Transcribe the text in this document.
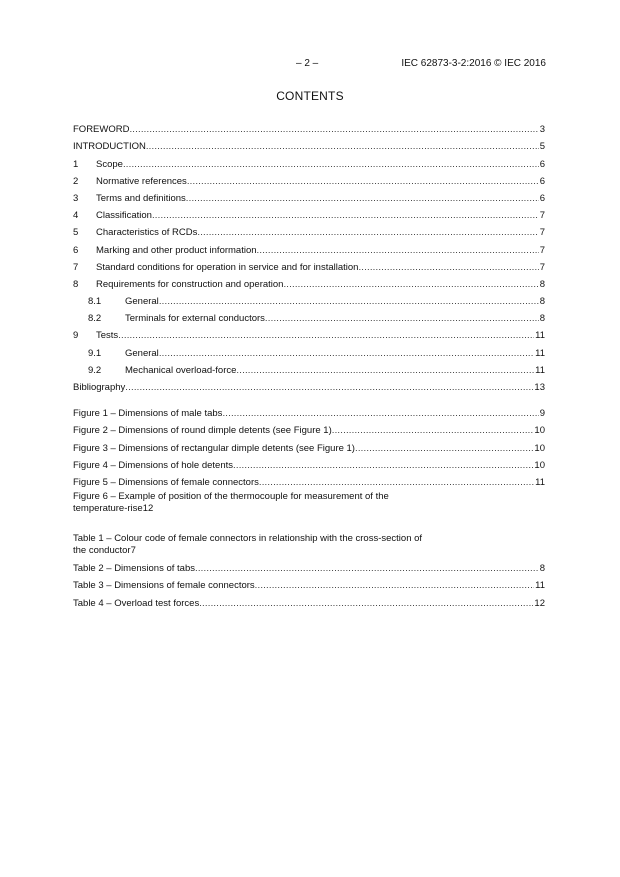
– 2 –	IEC 62873-3-2:2016 © IEC 2016
CONTENTS
FOREWORD .....	3
INTRODUCTION .....	5
1	Scope .....	6
2	Normative references .....	6
3	Terms and definitions .....	6
4	Classification .....	7
5	Characteristics of RCDs .....	7
6	Marking and other product information .....	7
7	Standard conditions for operation in service and for installation .....	7
8	Requirements for construction and operation .....	8
8.1	General .....	8
8.2	Terminals for external conductors .....	8
9	Tests .....	11
9.1	General .....	11
9.2	Mechanical overload-force .....	11
Bibliography .....	13
Figure 1 – Dimensions of male tabs .....	9
Figure 2 – Dimensions of round dimple detents (see Figure 1) .....	10
Figure 3 – Dimensions of rectangular dimple detents (see Figure 1) .....	10
Figure 4 – Dimensions of hole detents .....	10
Figure 5 – Dimensions of female connectors .....	11
Figure 6 – Example of position of the thermocouple for measurement of the
temperature-rise 12
Table 1 – Colour code of female connectors in relationship with the cross-section of
the conductor 7
Table 2 – Dimensions of tabs .....	8
Table 3 – Dimensions of female connectors .....	11
Table 4 – Overload test forces .....	12
